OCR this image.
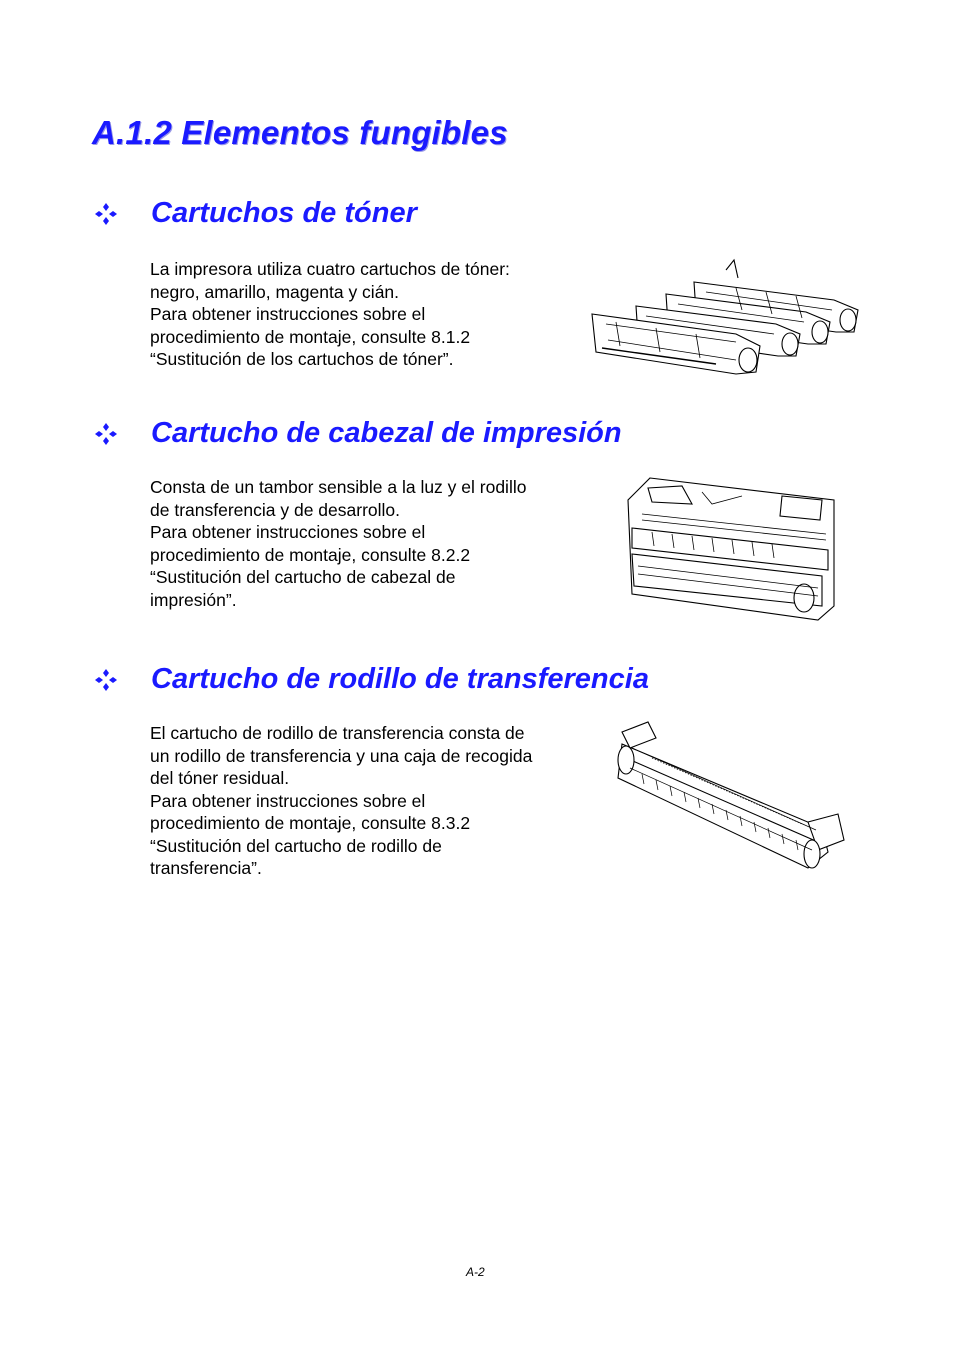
A.1.2 Elementos fungibles
Cartuchos de tóner
La impresora utiliza cuatro cartuchos de tóner:
negro, amarillo, magenta y cián.
Para obtener instrucciones sobre el
procedimiento de montaje, consulte 8.1.2
“Sustitución de los cartuchos de tóner”.
Cartucho de cabezal de impresión
Consta de un tambor sensible a la luz y el rodillo
de transferencia y de desarrollo.
Para obtener instrucciones sobre el
procedimiento de montaje, consulte 8.2.2
“Sustitución del cartucho de cabezal de
impresión”.
Cartucho de rodillo de transferencia
El cartucho de rodillo de transferencia consta de
un rodillo de transferencia y una caja de recogida
del tóner residual.
Para obtener instrucciones sobre el
procedimiento de montaje, consulte 8.3.2
“Sustitución del cartucho de rodillo de
transferencia”.
A-2
